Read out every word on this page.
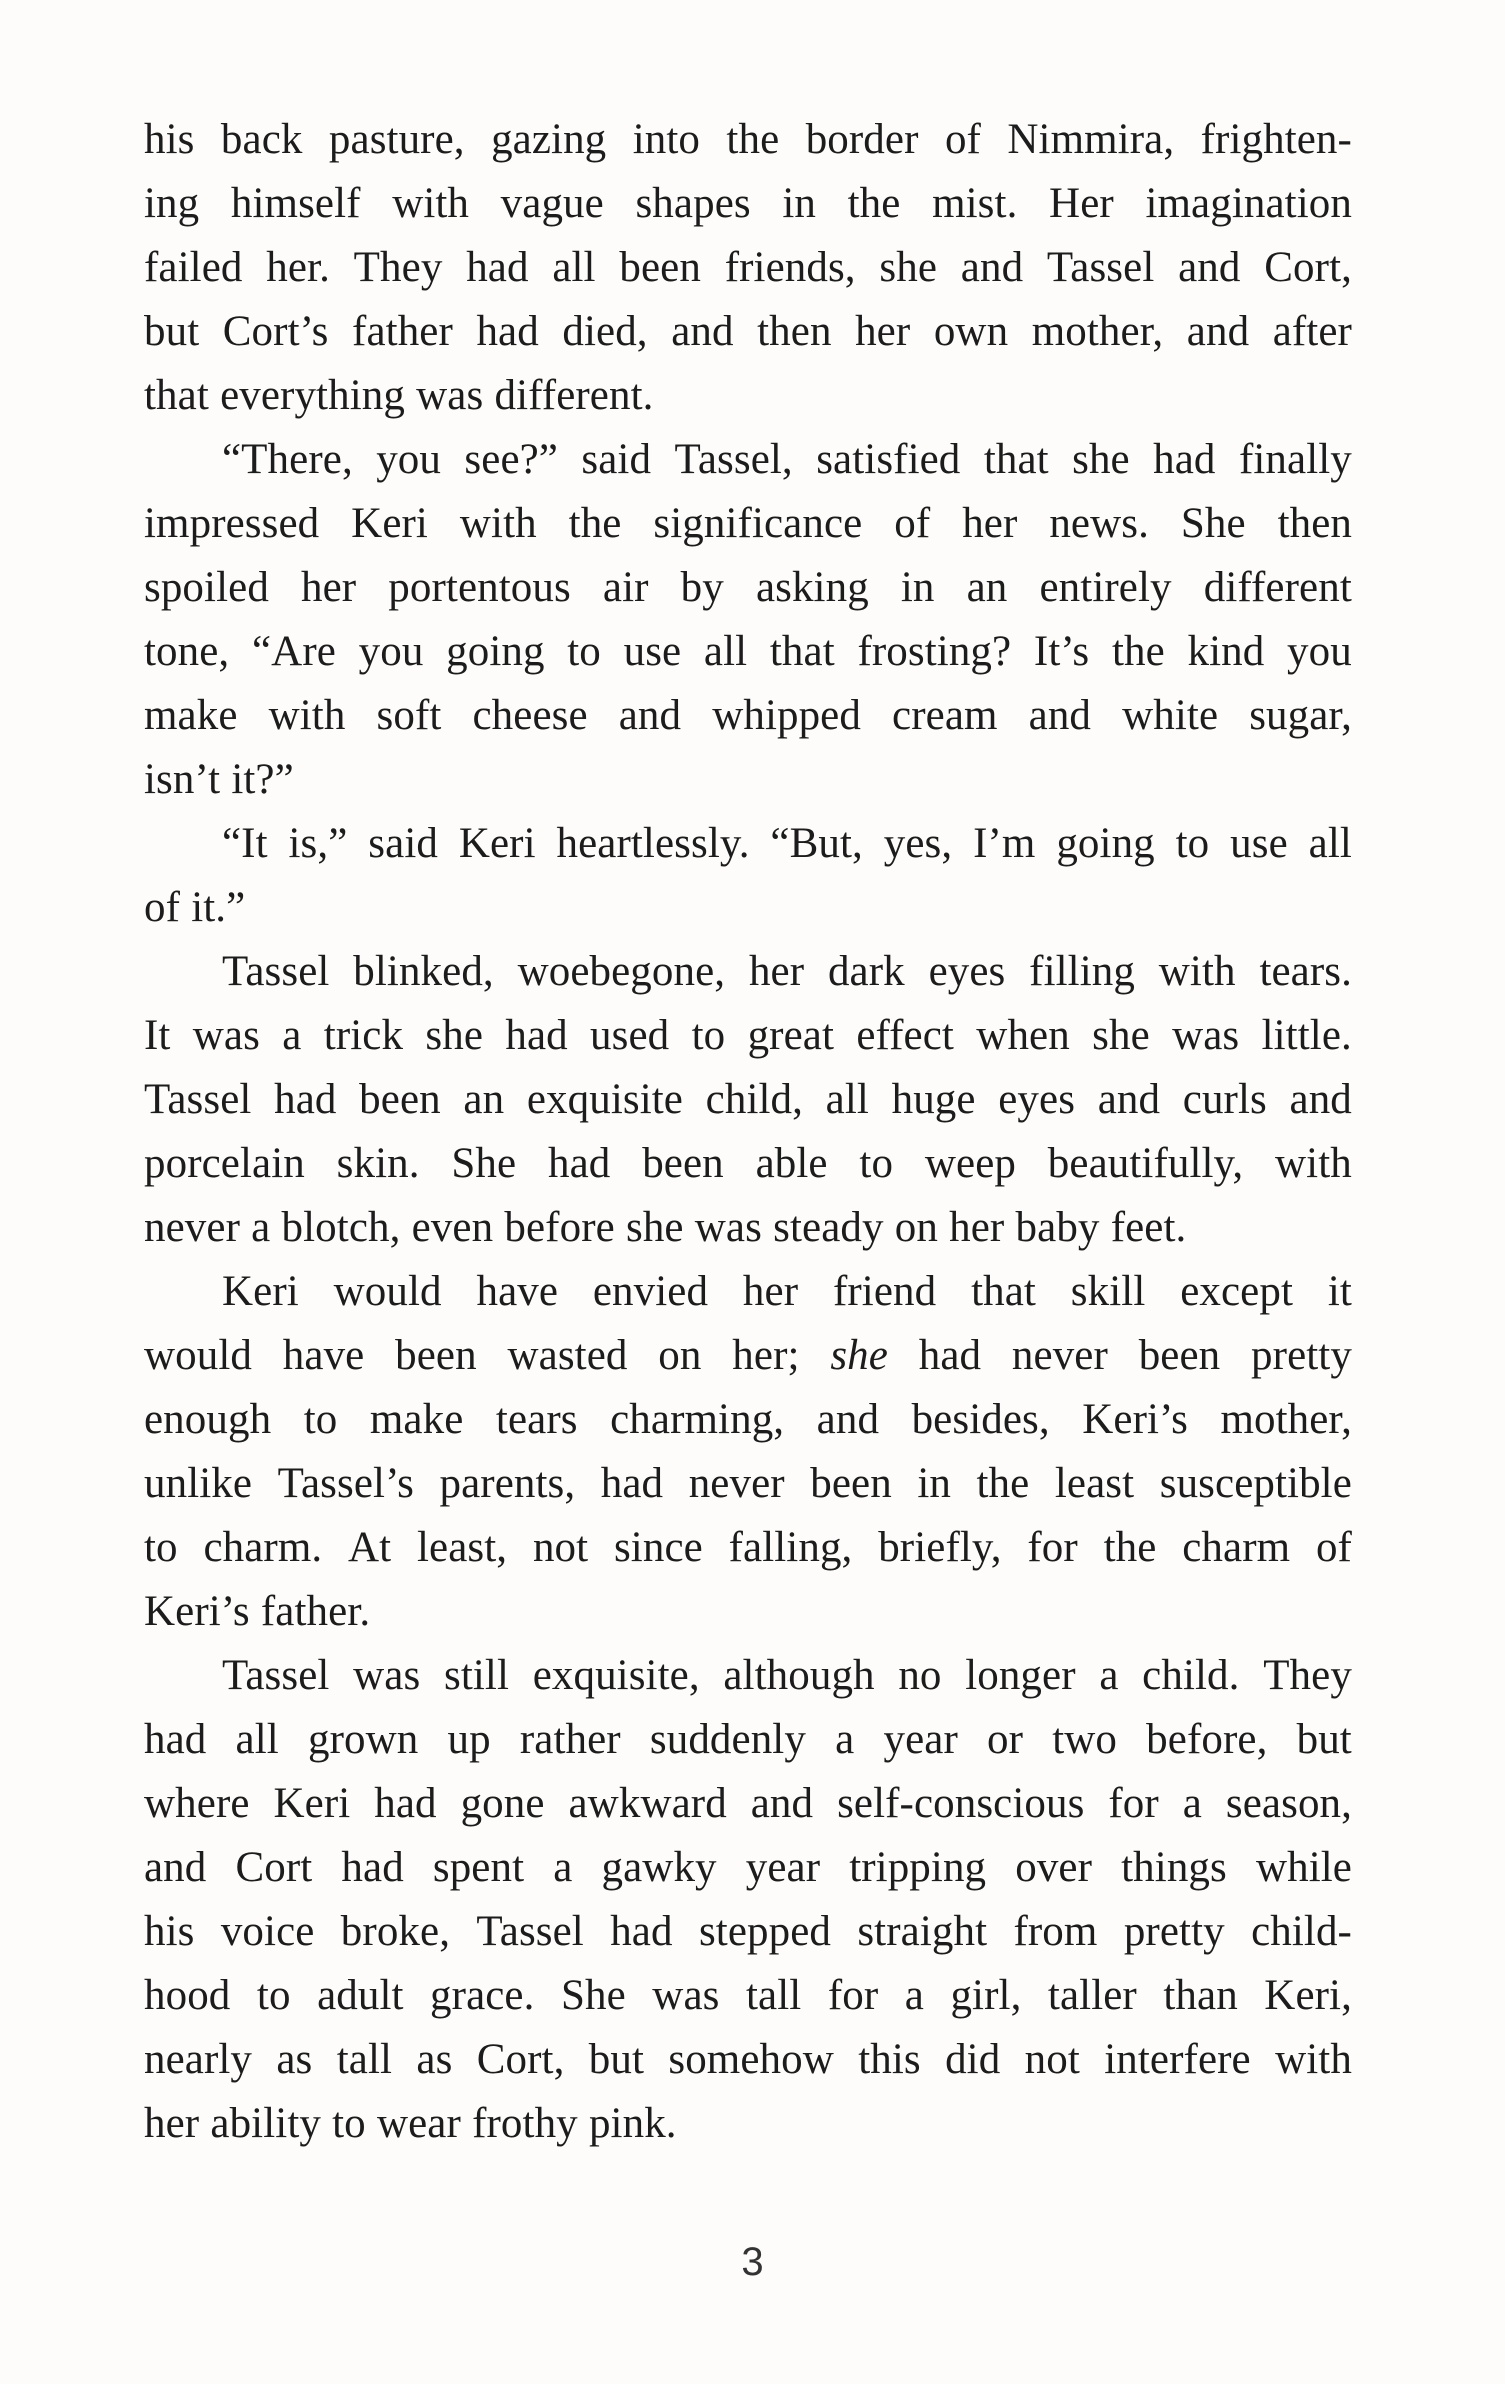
his back pasture, gazing into the border of Nimmira, frighten-
ing himself with vague shapes in the mist. Her imagination
failed her. They had all been friends, she and Tassel and Cort,
but Cort’s father had died, and then her own mother, and after
that everything was different.
“There, you see?” said Tassel, satisfied that she had finally
impressed Keri with the significance of her news. She then
spoiled her portentous air by asking in an entirely different
tone, “Are you going to use all that frosting? It’s the kind you
make with soft cheese and whipped cream and white sugar,
isn’t it?”
“It is,” said Keri heartlessly. “But, yes, I’m going to use all
of it.”
Tassel blinked, woebegone, her dark eyes filling with tears.
It was a trick she had used to great effect when she was little.
Tassel had been an exquisite child, all huge eyes and curls and
porcelain skin. She had been able to weep beautifully, with
never a blotch, even before she was steady on her baby feet.
Keri would have envied her friend that skill except it
would have been wasted on her; she had never been pretty
enough to make tears charming, and besides, Keri’s mother,
unlike Tassel’s parents, had never been in the least susceptible
to charm. At least, not since falling, briefly, for the charm of
Keri’s father.
Tassel was still exquisite, although no longer a child. They
had all grown up rather suddenly a year or two before, but
where Keri had gone awkward and self-conscious for a season,
and Cort had spent a gawky year tripping over things while
his voice broke, Tassel had stepped straight from pretty child-
hood to adult grace. She was tall for a girl, taller than Keri,
nearly as tall as Cort, but somehow this did not interfere with
her ability to wear frothy pink.
3
